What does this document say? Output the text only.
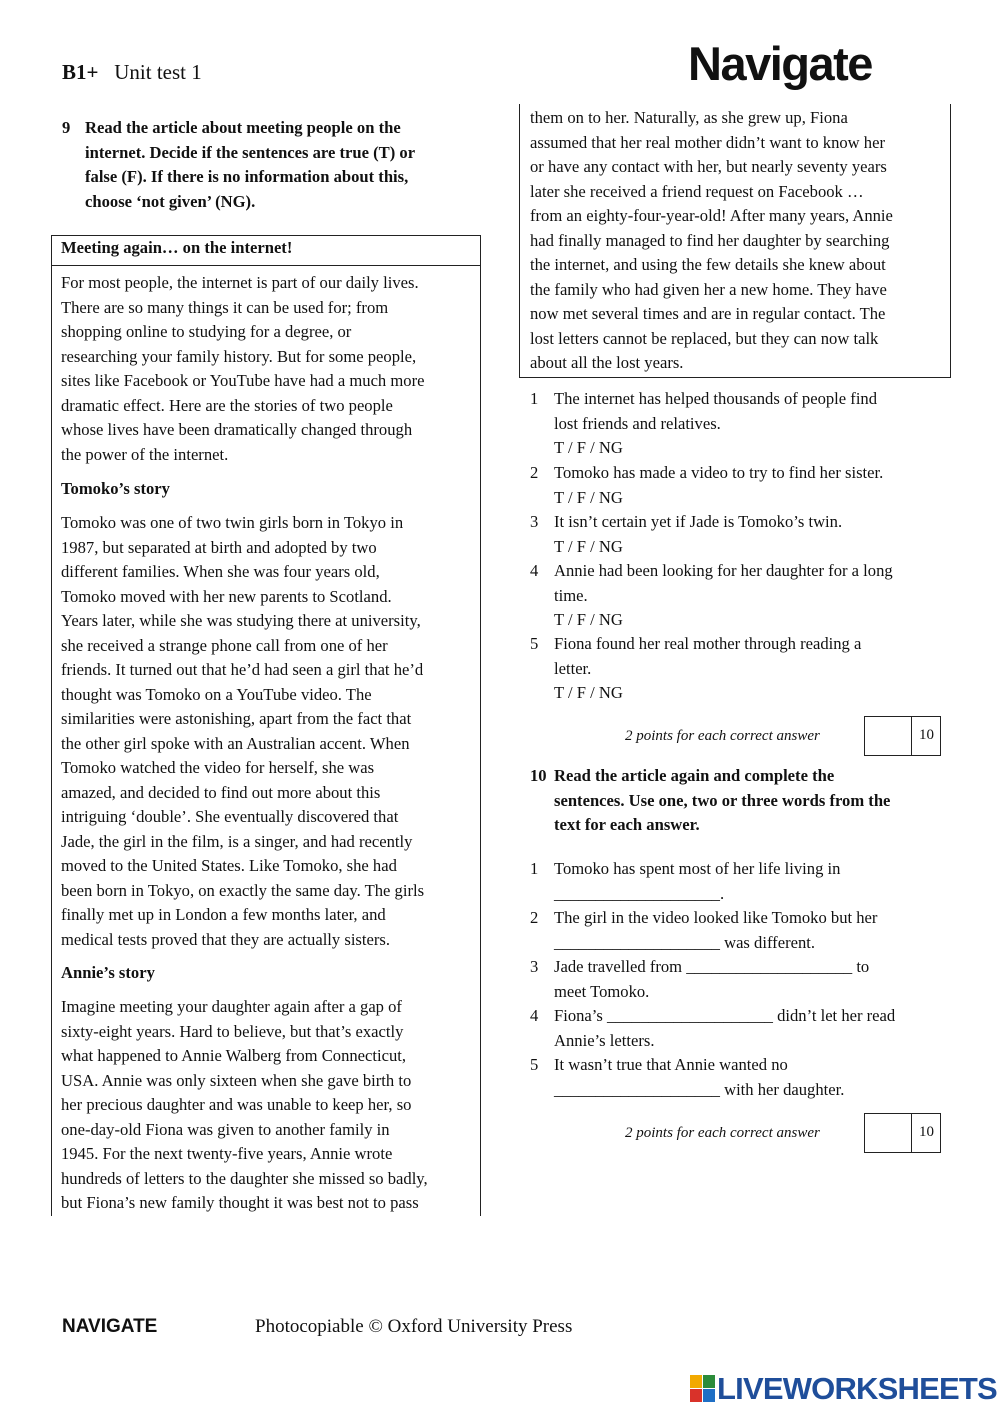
B1+ Unit test 1	Navigate
9 Read the article about meeting people on the
internet. Decide if the sentences are true (T) or
false (F). If there is no information about this,
choose ‘not given’ (NG).
Meeting again… on the internet!

For most people, the internet is part of our daily lives.

There are so many things it can be used for; from

shopping online to studying for a degree, or

researching your family history. But for some people,

sites like Facebook or YouTube have had a much more

dramatic effect. Here are the stories of two people

whose lives have been dramatically changed through

the power of the internet.

Tomoko’s story

Tomoko was one of two twin girls born in Tokyo in

1987, but separated at birth and adopted by two

different families. When she was four years old,

Tomoko moved with her new parents to Scotland.

Years later, while she was studying there at university,

she received a strange phone call from one of her

friends. It turned out that he’d had seen a girl that he’d

thought was Tomoko on a YouTube video. The

similarities were astonishing, apart from the fact that

the other girl spoke with an Australian accent. When

Tomoko watched the video for herself, she was

amazed, and decided to find out more about this

intriguing ‘double’. She eventually discovered that

Jade, the girl in the film, is a singer, and had recently

moved to the United States. Like Tomoko, she had

been born in Tokyo, on exactly the same day. The girls

finally met up in London a few months later, and

medical tests proved that they are actually sisters.

Annie’s story

Imagine meeting your daughter again after a gap of

sixty-eight years. Hard to believe, but that’s exactly

what happened to Annie Walberg from Connecticut,

USA. Annie was only sixteen when she gave birth to

her precious daughter and was unable to keep her, so

one-day-old Fiona was given to another family in

1945. For the next twenty-five years, Annie wrote

hundreds of letters to the daughter she missed so badly,

but Fiona’s new family thought it was best not to pass

them on to her. Naturally, as she grew up, Fiona

assumed that her real mother didn’t want to know her

or have any contact with her, but nearly seventy years

later she received a friend request on Facebook …

from an eighty-four-year-old! After many years, Annie

had finally managed to find her daughter by searching

the internet, and using the few details she knew about

the family who had given her a new home. They have

now met several times and are in regular contact. The

lost letters cannot be replaced, but they can now talk

about all the lost years.

1 The internet has helped thousands of people find
lost friends and relatives.
T / F / NG
2 Tomoko has made a video to try to find her sister.
T / F / NG
3 It isn’t certain yet if Jade is Tomoko’s twin.
T / F / NG
4 Annie had been looking for her daughter for a long
time.
T / F / NG
5 Fiona found her real mother through reading a
letter.
T / F / NG
2 points for each correct answer	10
10 Read the article again and complete the
sentences. Use one, two or three words from the
text for each answer.
1 Tomoko has spent most of her life living in
____________________.
2 The girl in the video looked like Tomoko but her
____________________ was different.
3 Jade travelled from ____________________ to
meet Tomoko.
4 Fiona’s ____________________ didn’t let her read
Annie’s letters.
5 It wasn’t true that Annie wanted no
____________________ with her daughter.
2 points for each correct answer	10
NAVIGATE	Photocopiable © Oxford University Press
LIVEWORKSHEETS
